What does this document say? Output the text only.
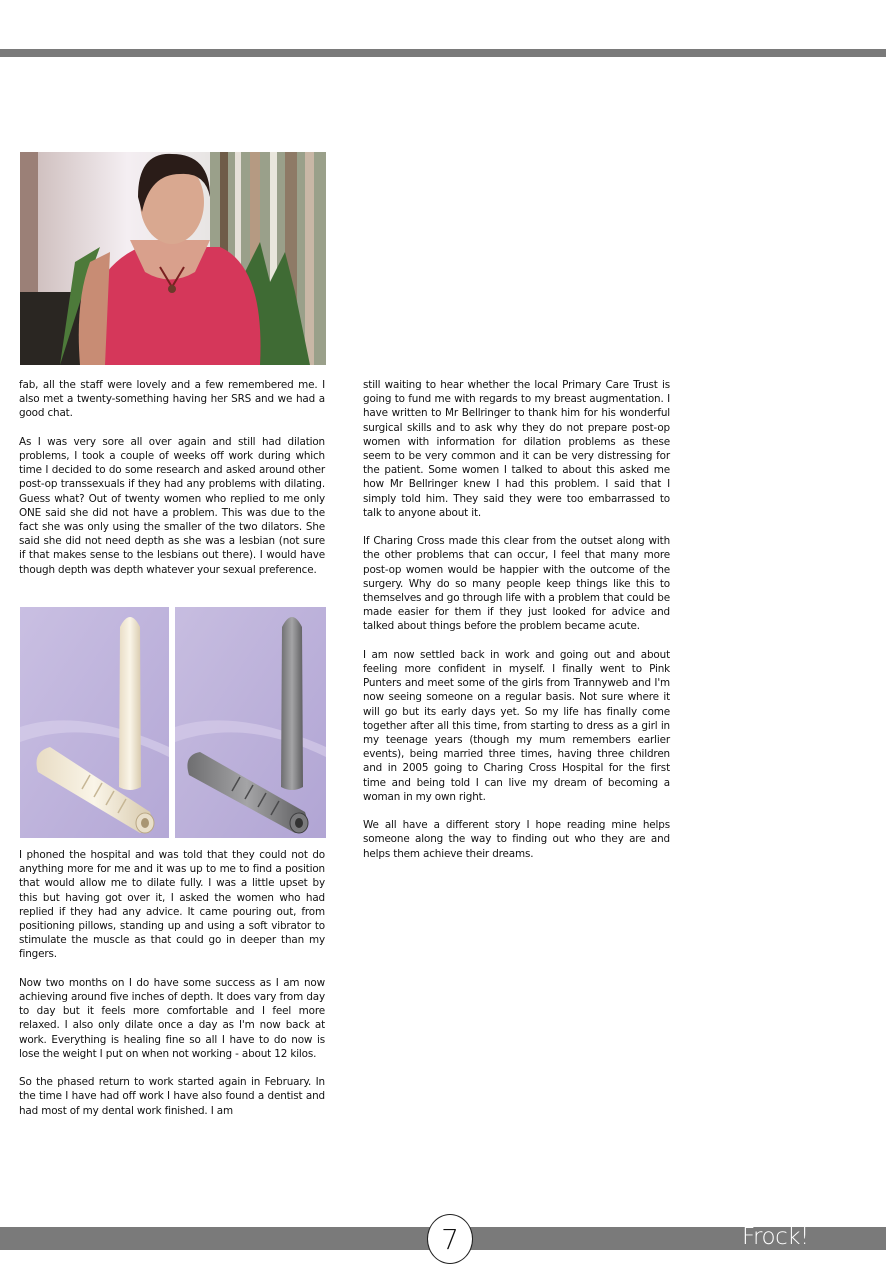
fab, all the staff were lovely and a few remembered me. I also met a twenty-something having her SRS and we had a good chat.

As I was very sore all over again and still had dilation problems, I took a couple of weeks off work during which time I decided to do some research and asked around other post-op transsexuals if they had any problems with dilating. Guess what? Out of twenty women who replied to me only ONE said she did not have a problem. This was due to the fact she was only using the smaller of the two dilators. She said she did not need depth as she was a lesbian (not sure if that makes sense to the lesbians out there). I would have though depth was depth whatever your sexual preference.

I phoned the hospital and was told that they could not do anything more for me and it was up to me to find a position that would allow me to dilate fully. I was a little upset by this but having got over it, I asked the women who had replied if they had any advice. It came pouring out, from positioning pillows, standing up and using a soft vibrator to stimulate the muscle as that could go in deeper than my fingers.

Now two months on I do have some success as I am now achieving around five inches of depth. It does vary from day to day but it feels more comfortable and I feel more relaxed. I also only dilate once a day as I'm now back at work. Everything is healing fine so all I have to do now is lose the weight I put on when not working - about 12 kilos.

So the phased return to work started again in February. In the time I have had off work I have also found a dentist and had most of my dental work finished. I am

still waiting to hear whether the local Primary Care Trust is going to fund me with regards to my breast augmentation. I have written to Mr Bellringer to thank him for his wonderful surgical skills and to ask why they do not prepare post-op women with information for dilation problems as these seem to be very common and it can be very distressing for the patient. Some women I talked to about this asked me how Mr Bellringer knew I had this problem. I said that I simply told him. They said they were too embarrassed to talk to anyone about it.

If Charing Cross made this clear from the outset along with the other problems that can occur, I feel that many more post-op women would be happier with the outcome of the surgery. Why do so many people keep things like this to themselves and go through life with a problem that could be made easier for them if they just looked for advice and talked about things before the problem became acute.

I am now settled back in work and going out and about feeling more confident in myself. I finally went to Pink Punters and meet some of the girls from Trannyweb and I'm now seeing someone on a regular basis. Not sure where it will go but its early days yet. So my life has finally come together after all this time, from starting to dress as a girl in my teenage years (though my mum remembers earlier events), being married three times, having three children and in 2005 going to Charing Cross Hospital for the first time and being told I can live my dream of becoming a woman in my own right.

We all have a different story I hope reading mine helps someone along the way to finding out who they are and helps them achieve their dreams.

7	Frock!
